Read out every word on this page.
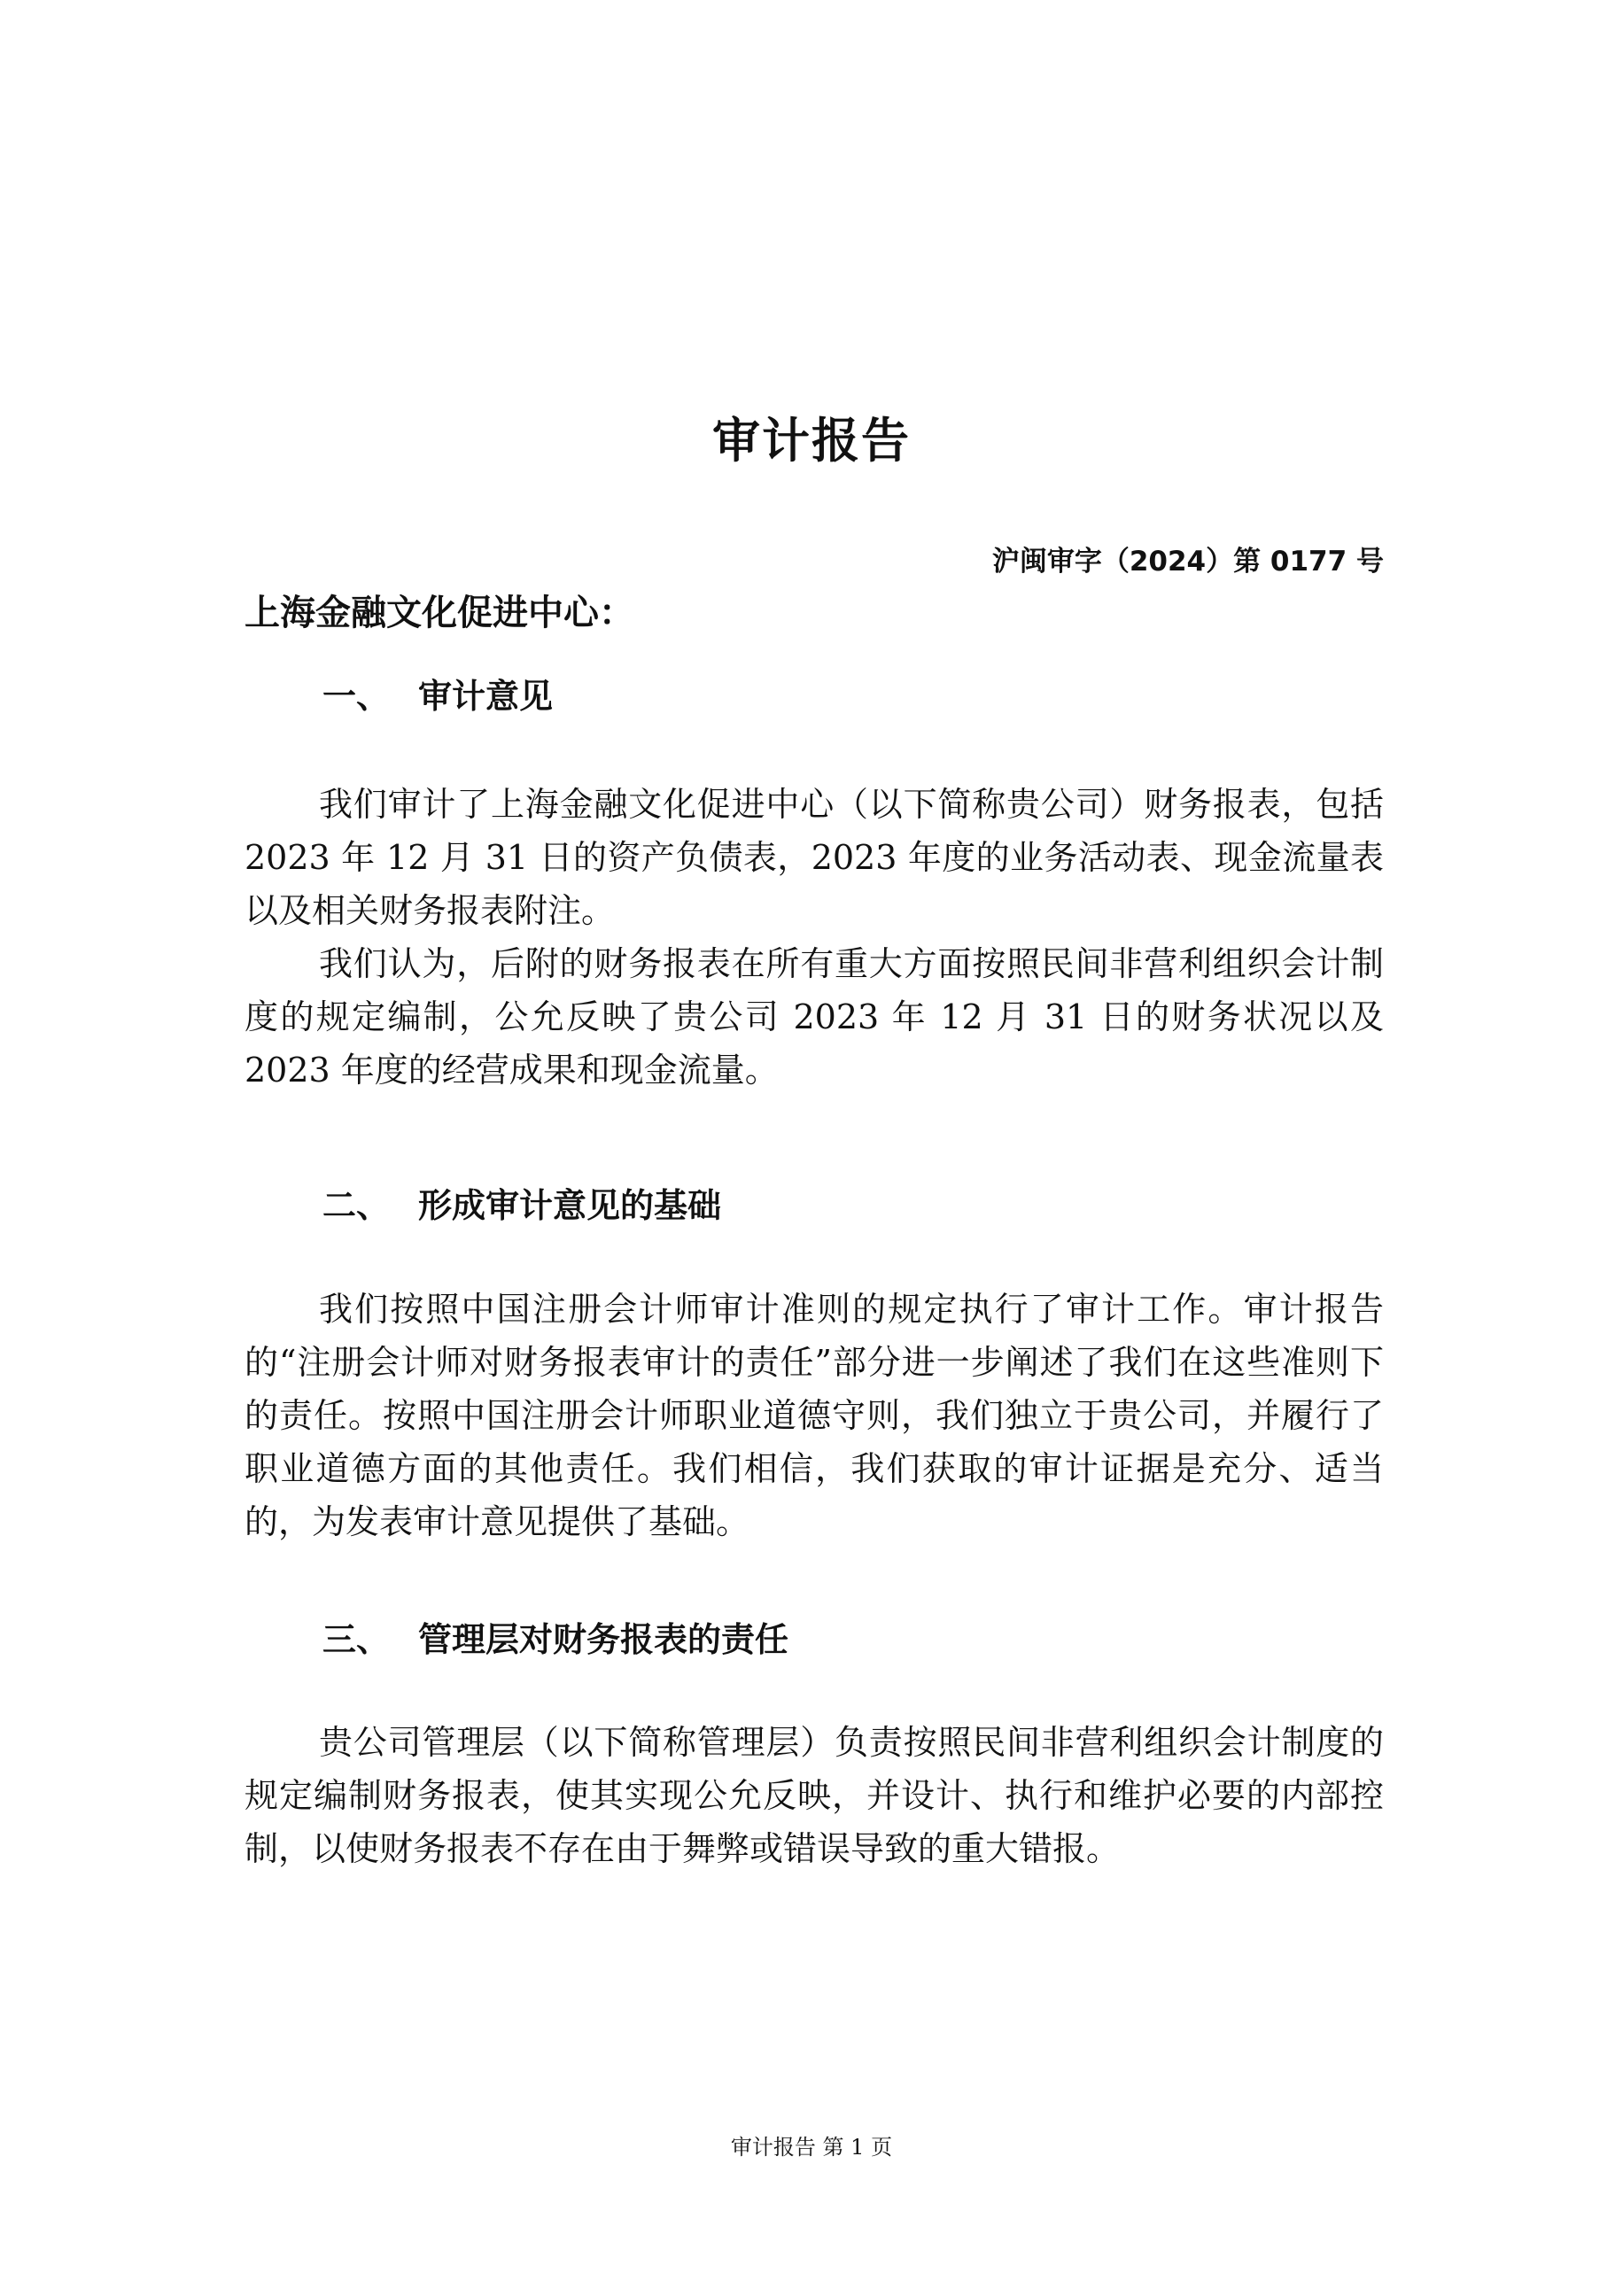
审计报告

沪闽审字（2024）第 0177 号

上海金融文化促进中心：

一、 审计意见

我们审计了上海金融文化促进中心（以下简称贵公司）财务报表，包括 2023 年 12 月 31 日的资产负债表，2023 年度的业务活动表、现金流量表以及相关财务报表附注。

我们认为，后附的财务报表在所有重大方面按照民间非营利组织会计制度的规定编制，公允反映了贵公司 2023 年 12 月 31 日的财务状况以及 2023 年度的经营成果和现金流量。

二、 形成审计意见的基础

我们按照中国注册会计师审计准则的规定执行了审计工作。审计报告的“注册会计师对财务报表审计的责任”部分进一步阐述了我们在这些准则下的责任。按照中国注册会计师职业道德守则，我们独立于贵公司，并履行了职业道德方面的其他责任。我们相信，我们获取的审计证据是充分、适当的，为发表审计意见提供了基础。

三、 管理层对财务报表的责任

贵公司管理层（以下简称管理层）负责按照民间非营利组织会计制度的规定编制财务报表，使其实现公允反映，并设计、执行和维护必要的内部控制，以使财务报表不存在由于舞弊或错误导致的重大错报。

审计报告 第 1 页
